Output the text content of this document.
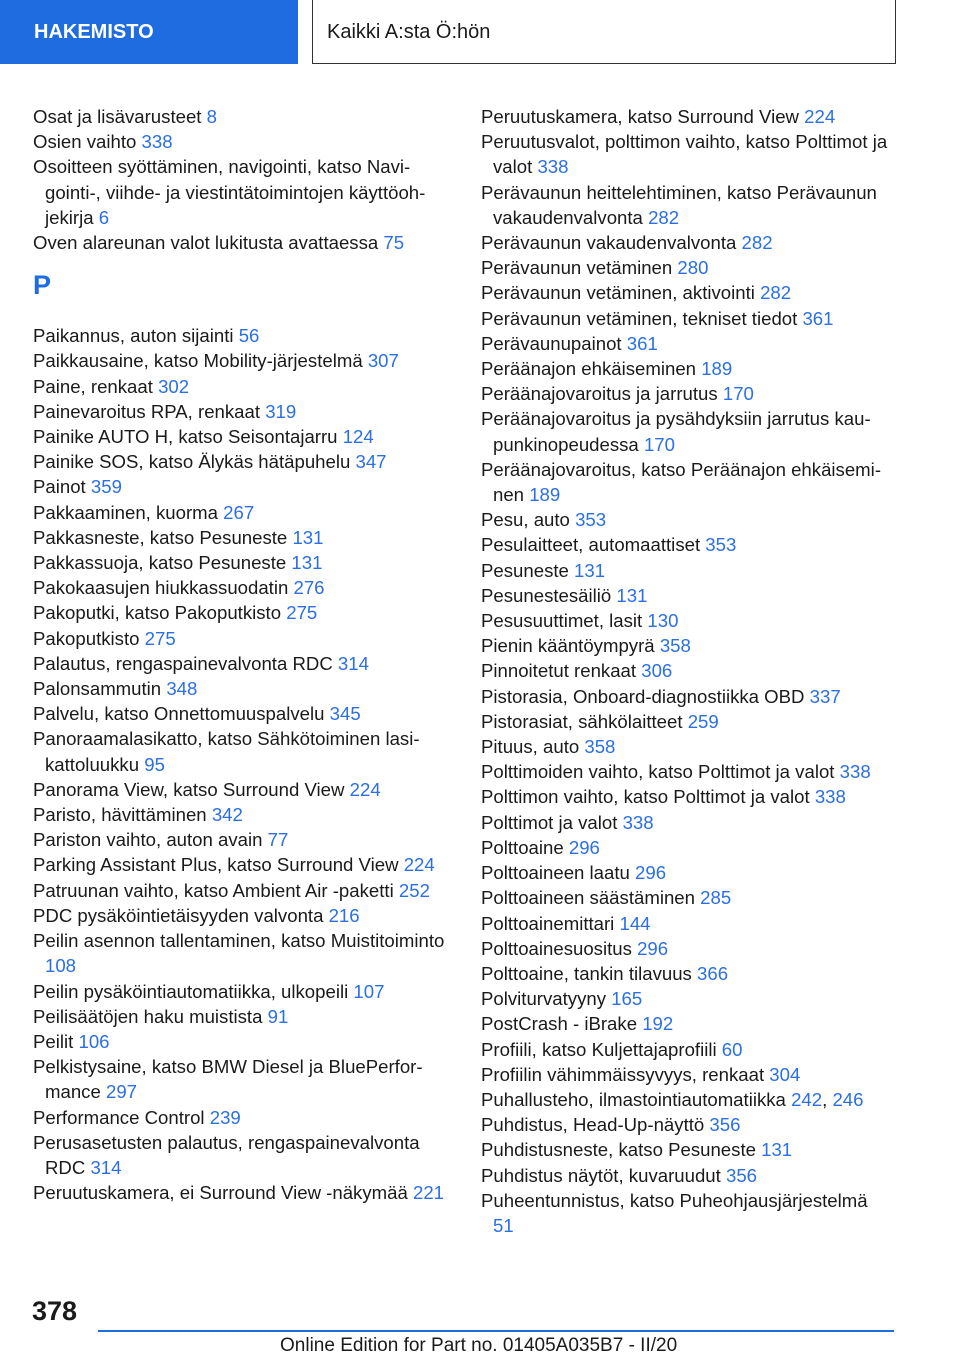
HAKEMISTO	Kaikki A:sta Ö:hön
Osat ja lisävarusteet 8
Osien vaihto 338
Osoitteen syöttäminen, navigointi, katso Navigointi-, viihde- ja viestintätoimintojen käyttöohjekirja 6
Oven alareunan valot lukitusta avattaessa 75
P
Paikannus, auton sijainti 56
Paikkausaine, katso Mobility-järjestelmä 307
Paine, renkaat 302
Painevaroitus RPA, renkaat 319
Painike AUTO H, katso Seisontajarru 124
Painike SOS, katso Älykäs hätäpuhelu 347
Painot 359
Pakkaaminen, kuorma 267
Pakkasneste, katso Pesuneste 131
Pakkassuoja, katso Pesuneste 131
Pakokaasujen hiukkassuodatin 276
Pakoputki, katso Pakoputkisto 275
Pakoputkisto 275
Palautus, rengaspainevalvonta RDC 314
Palonsammutin 348
Palvelu, katso Onnettomuuspalvelu 345
Panoraamalasikatto, katso Sähkötoiminen lasikattoluukku 95
Panorama View, katso Surround View 224
Paristo, hävittäminen 342
Pariston vaihto, auton avain 77
Parking Assistant Plus, katso Surround View 224
Patruunan vaihto, katso Ambient Air -paketti 252
PDC pysäköintietäisyyden valvonta 216
Peilin asennon tallentaminen, katso Muistitoiminto 108
Peilin pysäköintiautomatiikka, ulkopeili 107
Peilisäätöjen haku muistista 91
Peilit 106
Pelkistysaine, katso BMW Diesel ja BluePerformance 297
Performance Control 239
Perusasetusten palautus, rengaspainevalvonta RDC 314
Peruutuskamera, ei Surround View -näkymää 221
Peruutuskamera, katso Surround View 224
Peruutusvalot, polttimon vaihto, katso Polttimot ja valot 338
Perävaunun heittelehtiminen, katso Perävaunun vakaudenvalvonta 282
Perävaunun vakaudenvalvonta 282
Perävaunun vetäminen 280
Perävaunun vetäminen, aktivointi 282
Perävaunun vetäminen, tekniset tiedot 361
Perävaunupainot 361
Peräänajon ehkäiseminen 189
Peräänajovaroitus ja jarrutus 170
Peräänajovaroitus ja pysähdyksiin jarrutus kaupunkinopeudessa 170
Peräänajovaroitus, katso Peräänajon ehkäiseminen 189
Pesu, auto 353
Pesulaitteet, automaattiset 353
Pesuneste 131
Pesunestesäiliö 131
Pesusuuttimet, lasit 130
Pienin kääntöympyrä 358
Pinnoitetut renkaat 306
Pistorasia, Onboard-diagnostiikka OBD 337
Pistorasiat, sähkölaitteet 259
Pituus, auto 358
Polttimoiden vaihto, katso Polttimot ja valot 338
Polttimon vaihto, katso Polttimot ja valot 338
Polttimot ja valot 338
Polttoaine 296
Polttoaineen laatu 296
Polttoaineen säästäminen 285
Polttoainemittari 144
Polttoainesuositus 296
Polttoaine, tankin tilavuus 366
Polviturvatyyny 165
PostCrash - iBrake 192
Profiili, katso Kuljettajaprofiili 60
Profiilin vähimmäissyvyys, renkaat 304
Puhallusteho, ilmastointiautomatiikka 242, 246
Puhdistus, Head-Up-näyttö 356
Puhdistusneste, katso Pesuneste 131
Puhdistus näytöt, kuvaruudut 356
Puheentunnistus, katso Puheohjausjärjestelmä 51
378
Online Edition for Part no. 01405A035B7 - II/20
